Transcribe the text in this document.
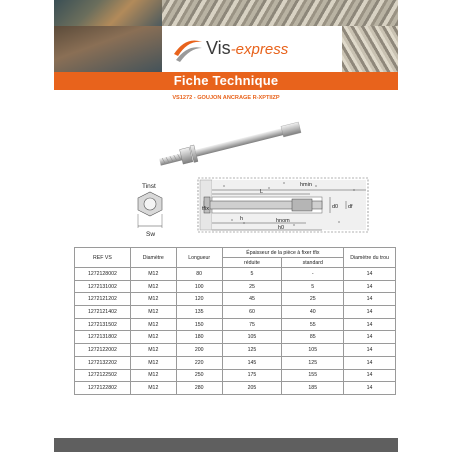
Vis-express
Fiche Technique
VS1272 - GOUJON ANCRAGE R-XPTIIZP
Tinst
Sw
hmin
L
tfix	d0 df
h	hnom
h0
REF VS	Diamètre	Longueur	Épaisseur de la pièce à fixer tfix		Diamètre du trou
			réduite	standard	
1272128002	M12	80	5	-	14
1272131002	M12	100	25	5	14
1272121202	M12	120	45	25	14
1272121402	M12	135	60	40	14
1272131502	M12	150	75	55	14
1272131802	M12	180	105	85	14
1272122002	M12	200	125	105	14
1272132202	M12	220	145	125	14
1272122502	M12	250	175	155	14
1272122802	M12	280	205	185	14
